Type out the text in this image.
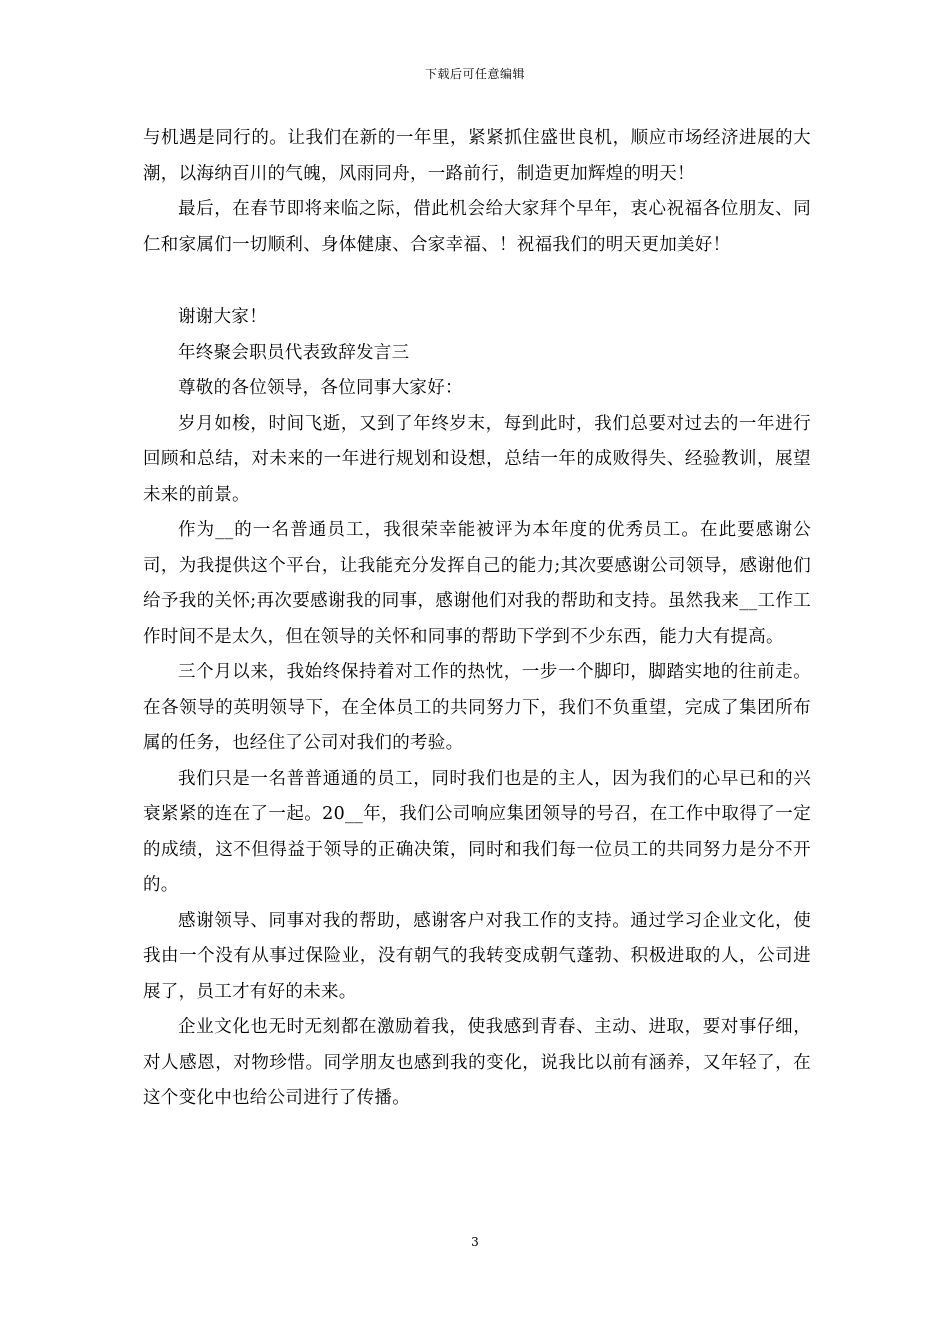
下载后可任意编辑

与机遇是同行的。让我们在新的一年里，紧紧抓住盛世良机，顺应市场经济进展的大潮，以海纳百川的气魄，风雨同舟，一路前行，制造更加辉煌的明天！

最后，在春节即将来临之际，借此机会给大家拜个早年，衷心祝福各位朋友、同仁和家属们一切顺利、身体健康、合家幸福、！祝福我们的明天更加美好！

谢谢大家！

年终聚会职员代表致辞发言三

尊敬的各位领导，各位同事大家好：

岁月如梭，时间飞逝，又到了年终岁末，每到此时，我们总要对过去的一年进行回顾和总结，对未来的一年进行规划和设想，总结一年的成败得失、经验教训，展望未来的前景。

作为__的一名普通员工，我很荣幸能被评为本年度的优秀员工。在此要感谢公司，为我提供这个平台，让我能充分发挥自己的能力;其次要感谢公司领导，感谢他们给予我的关怀;再次要感谢我的同事，感谢他们对我的帮助和支持。虽然我来__工作工作时间不是太久，但在领导的关怀和同事的帮助下学到不少东西，能力大有提高。

三个月以来，我始终保持着对工作的热忱，一步一个脚印，脚踏实地的往前走。在各领导的英明领导下，在全体员工的共同努力下，我们不负重望，完成了集团所布属的任务，也经住了公司对我们的考验。

我们只是一名普普通通的员工，同时我们也是的主人，因为我们的心早已和的兴衰紧紧的连在了一起。20__年，我们公司响应集团领导的号召，在工作中取得了一定的成绩，这不但得益于领导的正确决策，同时和我们每一位员工的共同努力是分不开的。

感谢领导、同事对我的帮助，感谢客户对我工作的支持。通过学习企业文化，使我由一个没有从事过保险业，没有朝气的我转变成朝气蓬勃、积极进取的人，公司进展了，员工才有好的未来。

企业文化也无时无刻都在激励着我，使我感到青春、主动、进取，要对事仔细，对人感恩，对物珍惜。同学朋友也感到我的变化，说我比以前有涵养，又年轻了，在这个变化中也给公司进行了传播。

3
